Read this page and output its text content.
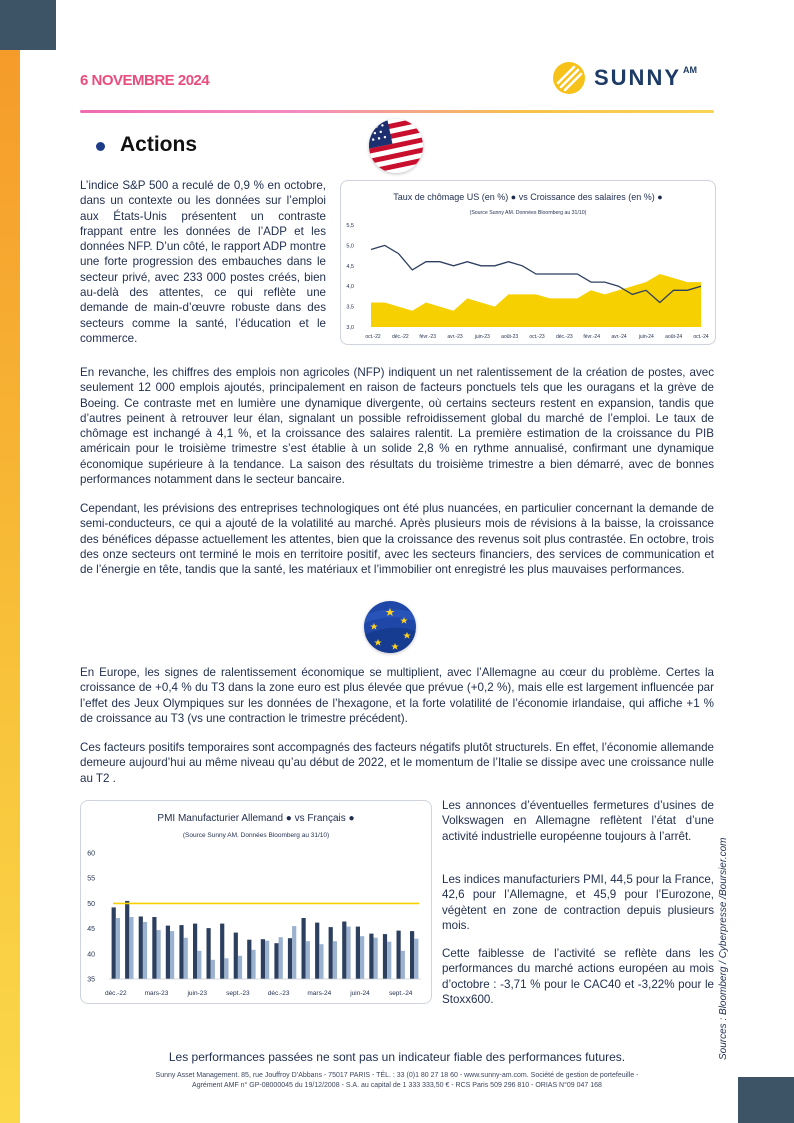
6 NOVEMBRE 2024	SUNNY AM
Actions

L’indice S&P 500 a reculé de 0,9 % en octobre, dans un contexte ou les données sur l’emploi aux États-Unis présentent un contraste frappant entre les données de l’ADP et les données NFP. D’un côté, le rapport ADP montre une forte progression des embauches dans le secteur privé, avec 233 000 postes créés, bien au-delà des attentes, ce qui reflète une demande de main-d’œuvre robuste dans des secteurs comme la santé, l’éducation et le commerce.

Taux de chômage US (en %) ● vs Croissance des salaires (en %) ●
(Source Sunny AM. Données Bloomberg au 31/10)
3,0
3,5
4,0
4,5
5,0
5,5
oct.-22 déc.-22 févr.-23 avr.-23 juin-23 août-23 oct.-23 déc.-23 févr.-24 avr.-24 juin-24 août-24 oct.-24

En revanche, les chiffres des emplois non agricoles (NFP) indiquent un net ralentissement de la création de postes, avec seulement 12 000 emplois ajoutés, principalement en raison de facteurs ponctuels tels que les ouragans et la grève de Boeing. Ce contraste met en lumière une dynamique divergente, où certains secteurs restent en expansion, tandis que d’autres peinent à retrouver leur élan, signalant un possible refroidissement global du marché de l’emploi. Le taux de chômage est inchangé à 4,1 %, et la croissance des salaires ralentit. La première estimation de la croissance du PIB américain pour le troisième trimestre s’est établie à un solide 2,8 % en rythme annualisé, confirmant une dynamique économique supérieure à la tendance. La saison des résultats du troisième trimestre a bien démarré, avec de bonnes performances notamment dans le secteur bancaire.

Cependant, les prévisions des entreprises technologiques ont été plus nuancées, en particulier concernant la demande de semi-conducteurs, ce qui a ajouté de la volatilité au marché. Après plusieurs mois de révisions à la baisse, la croissance des bénéfices dépasse actuellement les attentes, bien que la croissance des revenus soit plus contrastée. En octobre, trois des onze secteurs ont terminé le mois en territoire positif, avec les secteurs financiers, des services de communication et de l’énergie en tête, tandis que la santé, les matériaux et l’immobilier ont enregistré les plus mauvaises performances.

En Europe, les signes de ralentissement économique se multiplient, avec l’Allemagne au cœur du problème. Certes la croissance de +0,4 % du T3 dans la zone euro est plus élevée que prévue (+0,2 %), mais elle est largement influencée par l’effet des Jeux Olympiques sur les données de l’hexagone, et la forte volatilité de l’économie irlandaise, qui affiche +1 % de croissance au T3 (vs une contraction le trimestre précédent).

Ces facteurs positifs temporaires sont accompagnés des facteurs négatifs plutôt structurels. En effet, l’économie allemande demeure aujourd’hui au même niveau qu’au début de 2022, et le momentum de l’Italie se dissipe avec une croissance nulle au T2 .

PMI Manufacturier Allemand ● vs Français ●
(Source Sunny AM. Données Bloomberg au 31/10)
35
40
45
50
55
60
déc.-22	mars-23	juin-23	sept.-23	déc.-23	mars-24	juin-24	sept.-24

Les annonces d’éventuelles fermetures d’usines de Volkswagen en Allemagne reflètent l’état d’une activité industrielle européenne toujours à l’arrêt.

Les indices manufacturiers PMI, 44,5 pour la France, 42,6 pour l’Allemagne, et 45,9 pour l’Eurozone, végètent en zone de contraction depuis plusieurs mois.

Cette faiblesse de l’activité se reflète dans les performances du marché actions européen au mois d’octobre : -3,71 % pour le CAC40 et -3,22% pour le Stoxx600.	Sources : Bloomberg / Cyberpresse /Boursier.com
Les performances passées ne sont pas un indicateur fiable des performances futures.
Sunny Asset Management. 85, rue Jouffroy D’Abbans - 75017 PARIS - TÉL. : 33 (0)1 80 27 18 60 - www.sunny-am.com. Société de gestion de portefeuille -
Agrément AMF n° GP-08000045 du 19/12/2008 - S.A. au capital de 1 333 333,50 € - RCS Paris 509 296 810 - ORIAS N°09 047 168
